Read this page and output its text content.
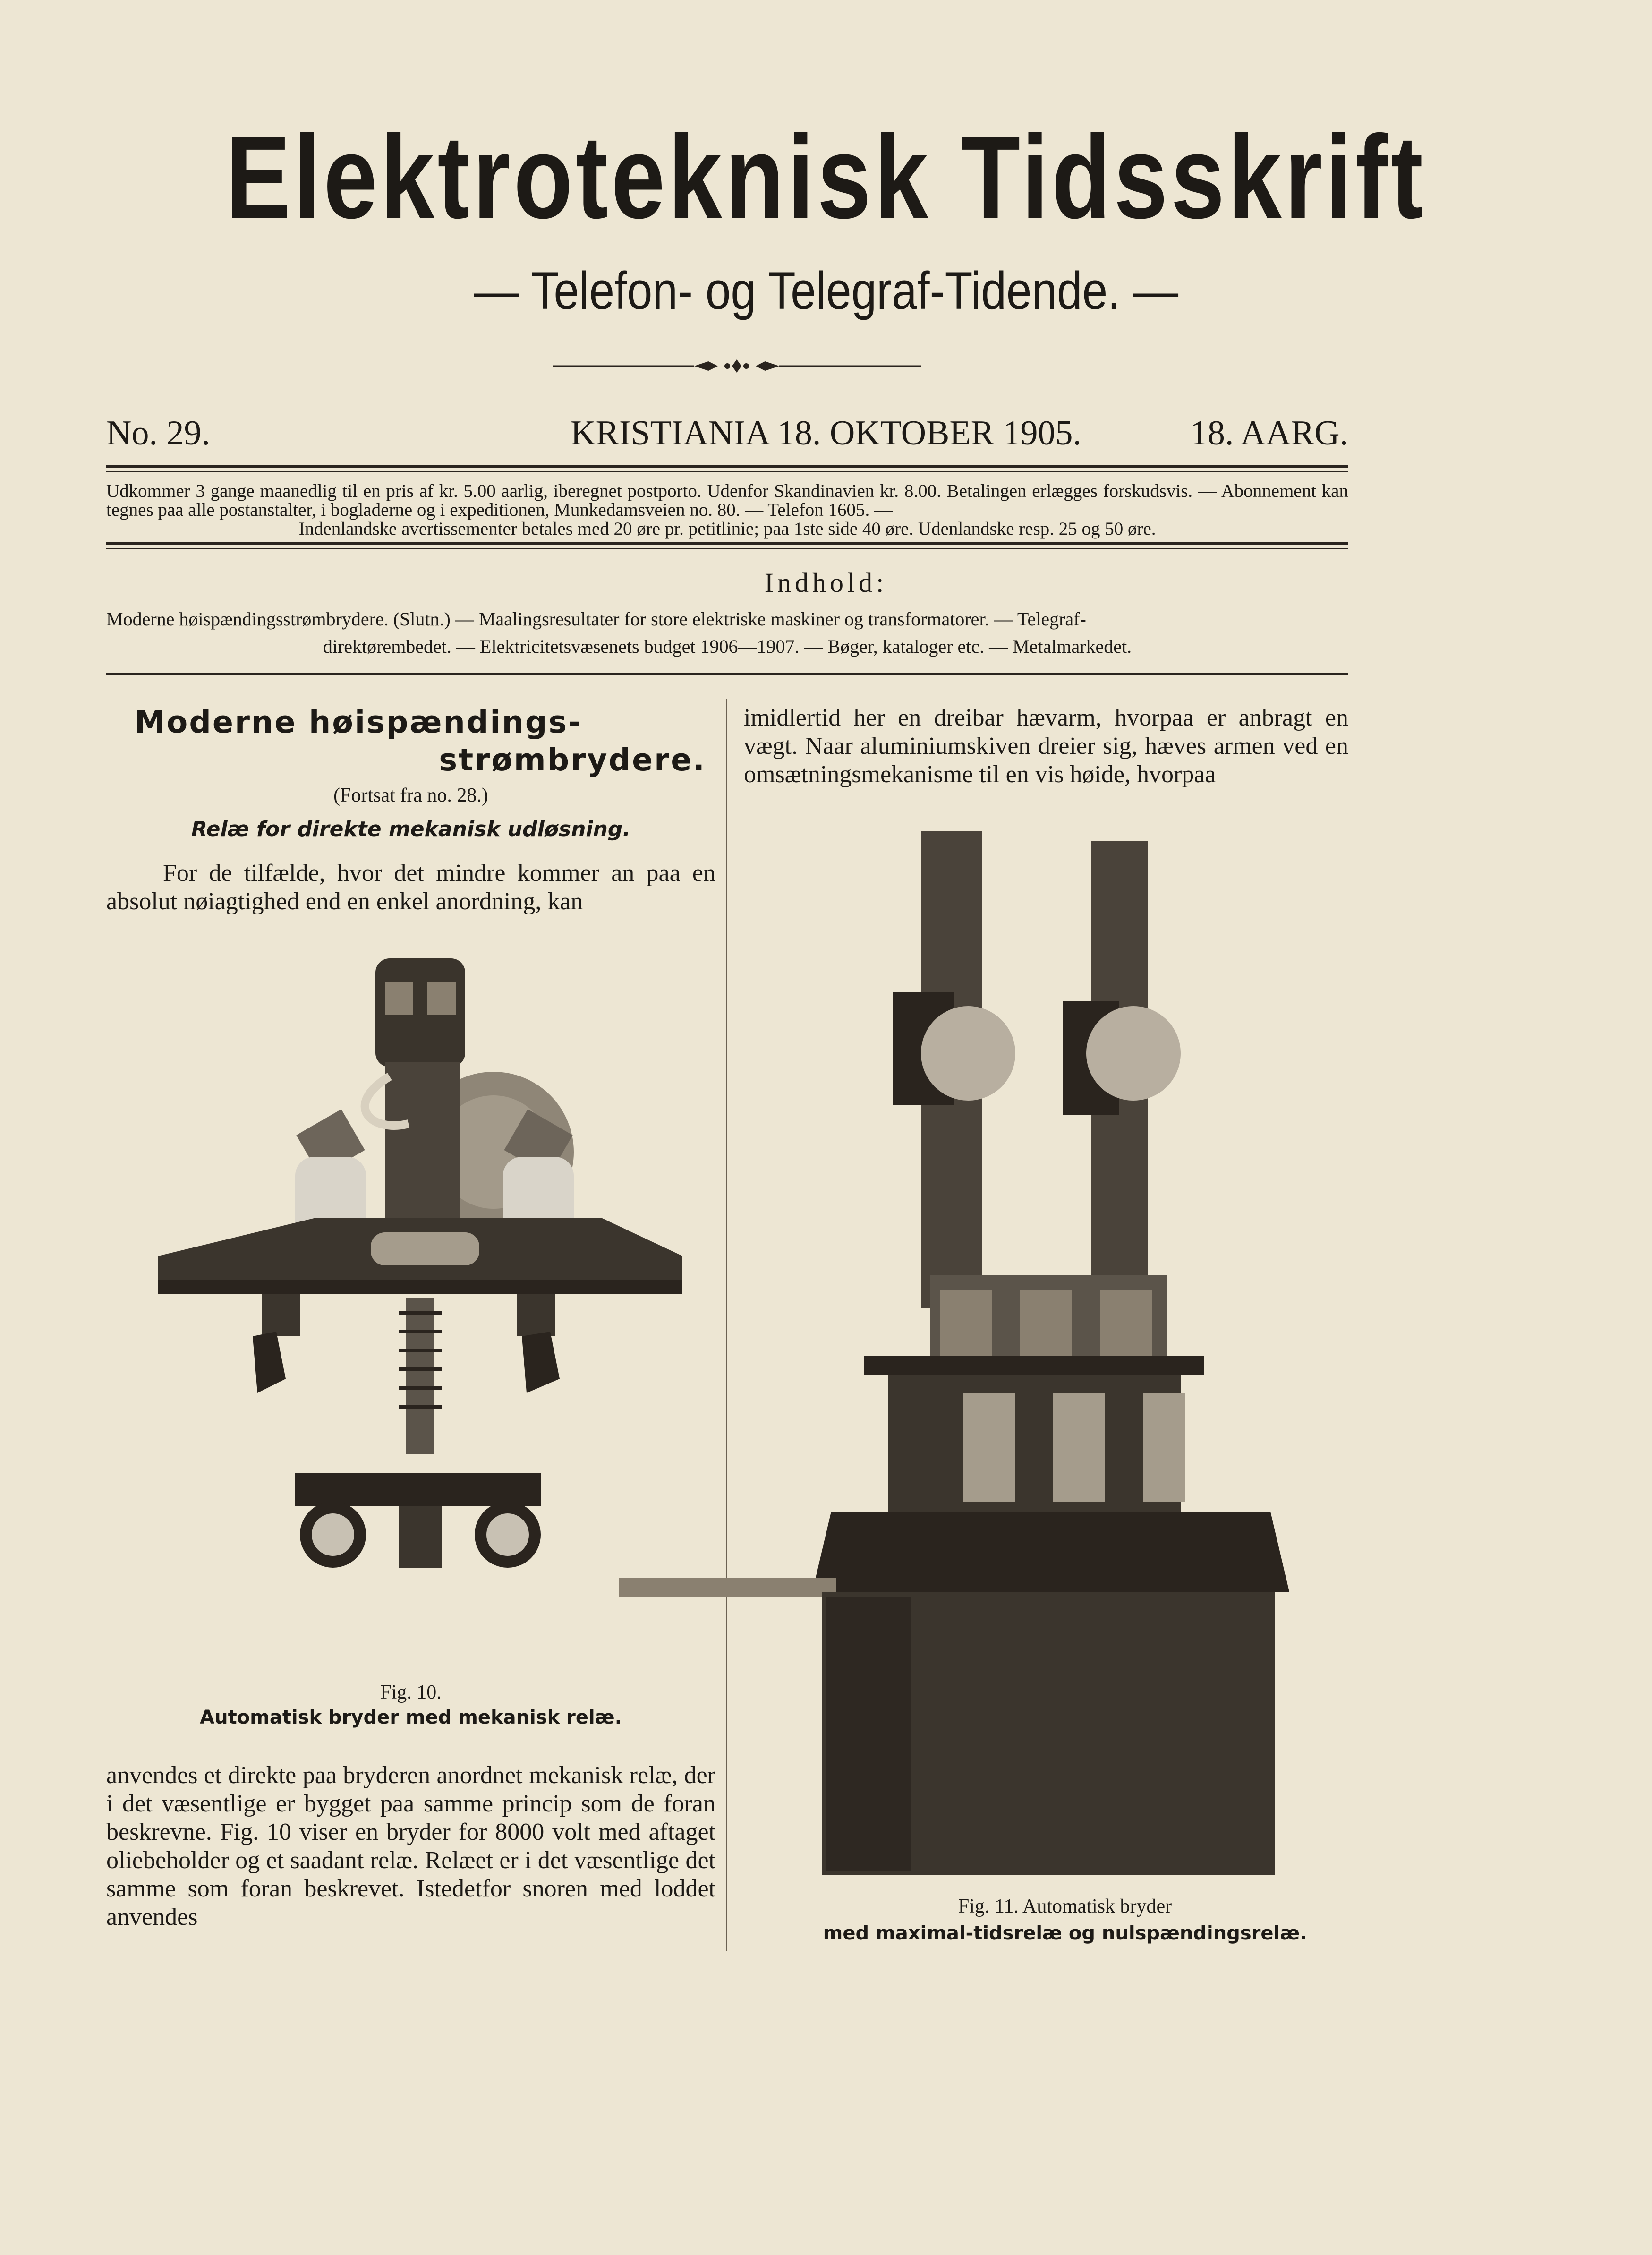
Elektroteknisk Tidsskrift
— Telefon- og Telegraf-Tidende. —
No. 29.	KRISTIANIA 18. OKTOBER 1905.	18. AARG.
Udkommer 3 gange maanedlig til en pris af kr. 5.00 aarlig, iberegnet postporto. Udenfor Skandinavien kr. 8.00. Betalingen erlægges forskudsvis. — Abonnement kan tegnes paa alle postanstalter, i bogladerne og i expeditionen, Munkedamsveien no. 80. — Telefon 1605. —
Indenlandske avertissementer betales med 20 øre pr. petitlinie; paa 1ste side 40 øre. Udenlandske resp. 25 og 50 øre.
Indhold:
Moderne høispændingsstrømbrydere. (Slutn.) — Maalingsresultater for store elektriske maskiner og transformatorer. — Telegraf-
direktørembedet. — Elektricitetsvæsenets budget 1906—1907. — Bøger, kataloger etc. — Metalmarkedet.
Moderne høispændings-
strømbrydere.
(Fortsat fra no. 28.)
Relæ for direkte mekanisk udløsning.
For de tilfælde, hvor det mindre kommer an paa en absolut nøiagtighed end en enkel anordning, kan
Fig. 10.
Automatisk bryder med mekanisk relæ.
anvendes et direkte paa bryderen anordnet mekanisk relæ, der i det væsentlige er bygget paa samme princip som de foran beskrevne. Fig. 10 viser en bryder for 8000 volt med aftaget oliebeholder og et saadant relæ. Relæet er i det væsentlige det samme som foran beskrevet. Istedetfor snoren med loddet anvendes
imidlertid her en dreibar hævarm, hvorpaa er anbragt en vægt. Naar aluminiumskiven dreier sig, hæves armen ved en omsætningsmekanisme til en vis høide, hvorpaa
Fig. 11. Automatisk bryder
med maximal-tidsrelæ og nulspændingsrelæ.
